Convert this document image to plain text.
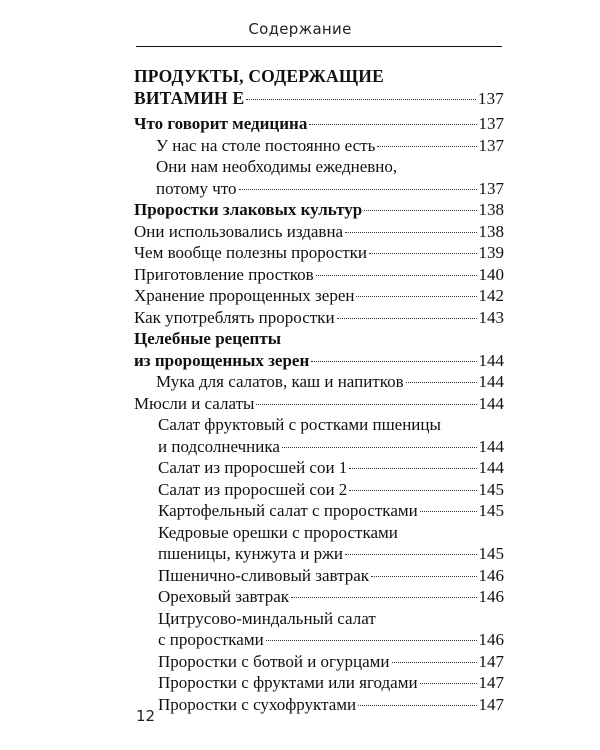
Содержание
ПРОДУКТЫ, СОДЕРЖАЩИЕ
ВИТАМИН Е	137
Что говорит медицина	137
У нас на столе постоянно есть	137
Они нам необходимы ежедневно,
потому что	137
Проростки злаковых культур	138
Они использовались издавна	138
Чем вообще полезны проростки	139
Приготовление простков	140
Хранение пророщенных зерен	142
Как употреблять проростки	143
Целебные рецепты
из пророщенных зерен	144
Мука для салатов, каш и напитков	144
Мюсли и салаты	144
Салат фруктовый с ростками пшеницы
и подсолнечника	144
Салат из проросшей сои 1	144
Салат из проросшей сои 2	145
Картофельный салат с проростками	145
Кедровые орешки с проростками
пшеницы, кунжута и ржи	145
Пшенично-сливовый завтрак	146
Ореховый завтрак	146
Цитрусово-миндальный салат
с проростками	146
Проростки с ботвой и огурцами	147
Проростки с фруктами или ягодами	147
Проростки с сухофруктами	147
12
